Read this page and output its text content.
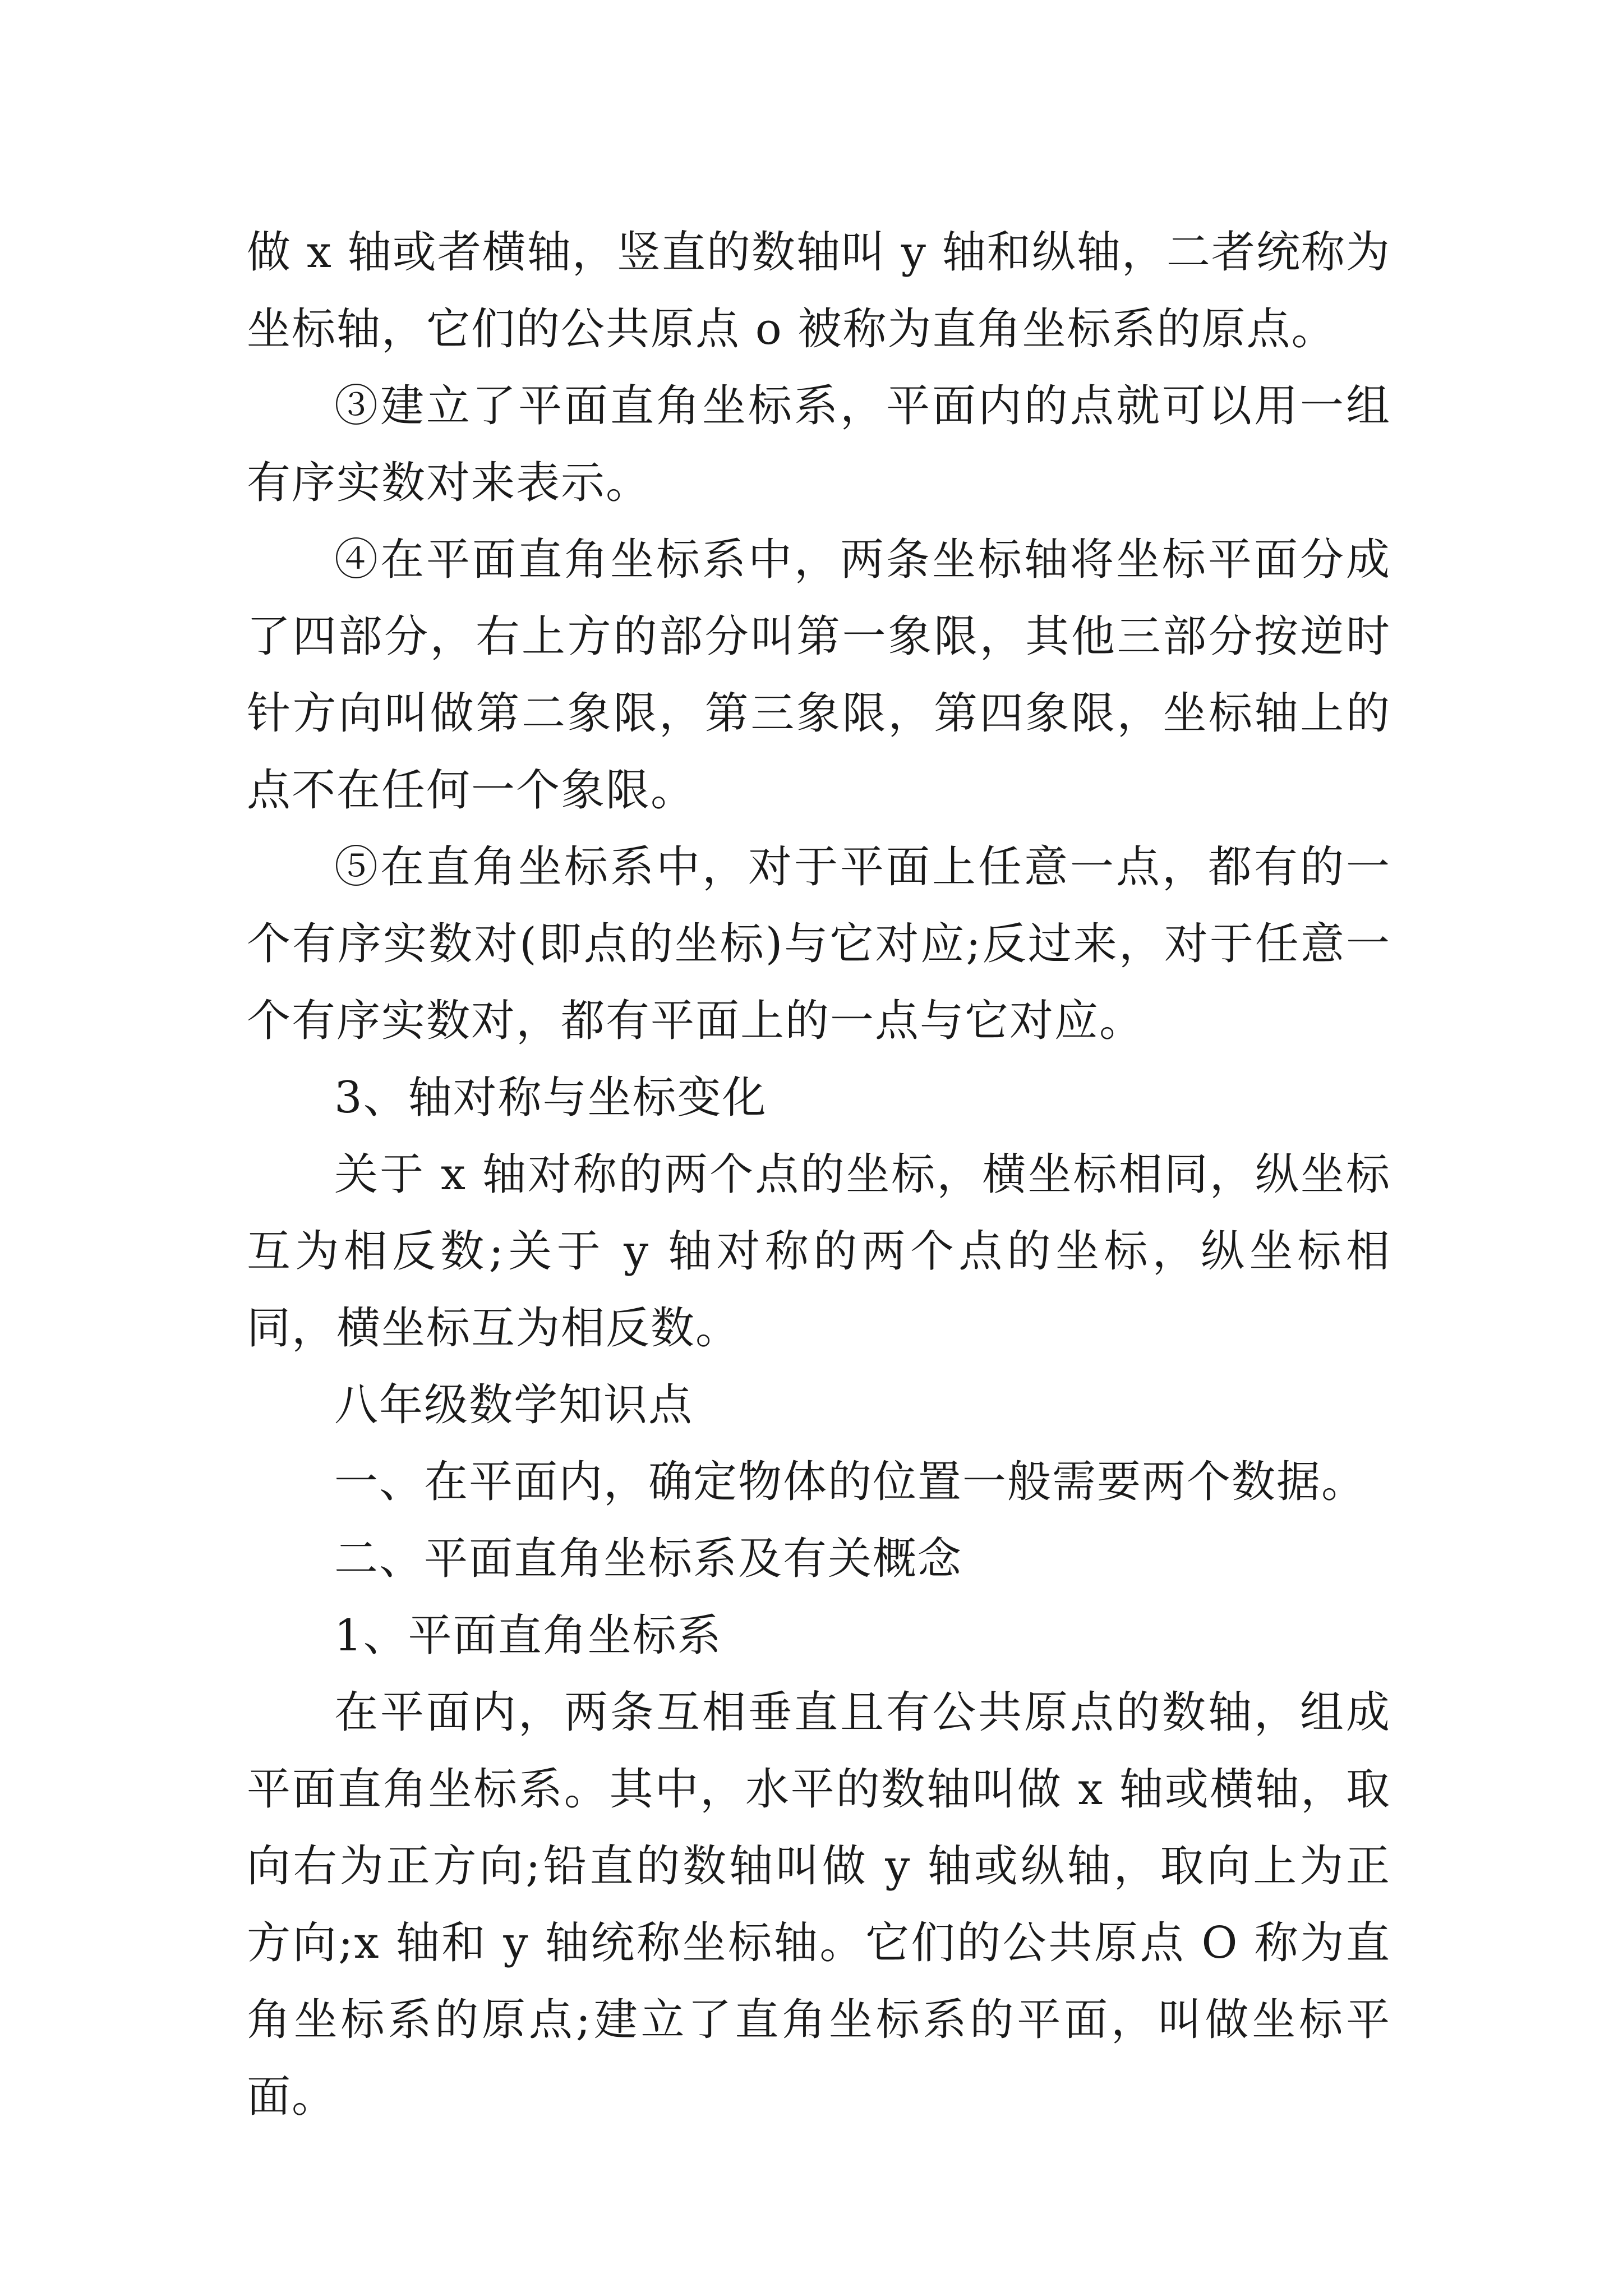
做 x 轴或者横轴，竖直的数轴叫 y 轴和纵轴，二者统称为坐标轴，它们的公共原点 o 被称为直角坐标系的原点。

③建立了平面直角坐标系，平面内的点就可以用一组有序实数对来表示。

④在平面直角坐标系中，两条坐标轴将坐标平面分成了四部分，右上方的部分叫第一象限，其他三部分按逆时针方向叫做第二象限，第三象限，第四象限，坐标轴上的点不在任何一个象限。

⑤在直角坐标系中，对于平面上任意一点，都有的一个有序实数对(即点的坐标)与它对应;反过来，对于任意一个有序实数对，都有平面上的一点与它对应。

3、轴对称与坐标变化

关于 x 轴对称的两个点的坐标，横坐标相同，纵坐标互为相反数;关于 y 轴对称的两个点的坐标，纵坐标相同，横坐标互为相反数。

八年级数学知识点

一、在平面内，确定物体的位置一般需要两个数据。

二、平面直角坐标系及有关概念

1、平面直角坐标系

在平面内，两条互相垂直且有公共原点的数轴，组成平面直角坐标系。其中，水平的数轴叫做 x 轴或横轴，取向右为正方向;铅直的数轴叫做 y 轴或纵轴，取向上为正方向;x 轴和 y 轴统称坐标轴。它们的公共原点 O 称为直角坐标系的原点;建立了直角坐标系的平面，叫做坐标平面。
